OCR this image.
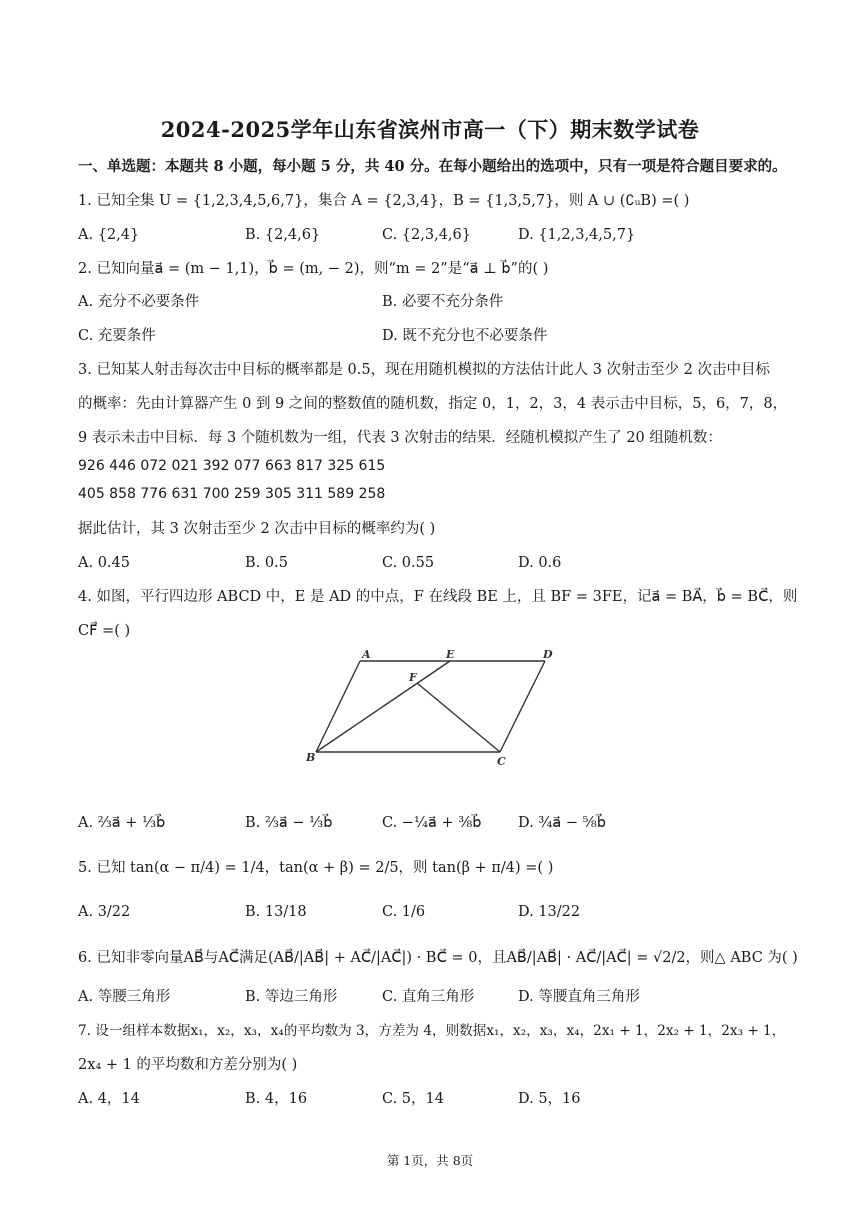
2024-2025学年山东省滨州市高一（下）期末数学试卷
一、单选题：本题共 8 小题，每小题 5 分，共 40 分。在每小题给出的选项中，只有一项是符合题目要求的。
1. 已知全集 U = {1,2,3,4,5,6,7}，集合 A = {2,3,4}，B = {1,3,5,7}，则 A ∪ (∁ᵤB) =( )
A. {2,4}	B. {2,4,6}	C. {2,3,4,6}	D. {1,2,3,4,5,7}
2. 已知向量a⃗ = (m − 1,1)，b⃗ = (m, − 2)，则“m = 2”是“a⃗ ⊥ b⃗”的( )
A. 充分不必要条件	B. 必要不充分条件
C. 充要条件	D. 既不充分也不必要条件
3. 已知某人射击每次击中目标的概率都是 0.5，现在用随机模拟的方法估计此人 3 次射击至少 2 次击中目标
的概率：先由计算器产生 0 到 9 之间的整数值的随机数，指定 0，1，2，3，4 表示击中目标，5，6，7，8，
9 表示未击中目标．每 3 个随机数为一组，代表 3 次射击的结果．经随机模拟产生了 20 组随机数：
926 446 072 021 392 077 663 817 325 615
405 858 776 631 700 259 305 311 589 258
据此估计，其 3 次射击至少 2 次击中目标的概率约为( )
A. 0.45	B. 0.5	C. 0.55	D. 0.6
4. 如图，平行四边形 ABCD 中，E 是 AD 的中点，F 在线段 BE 上，且 BF = 3FE，记a⃗ = BA⃗，b⃗ = BC⃗，则
CF⃗ =( )
A	E	D
F
B	C
A. ⅔a⃗ + ⅓b⃗	B. ⅔a⃗ − ⅓b⃗	C. −¼a⃗ + ⅜b⃗	D. ¾a⃗ − ⅝b⃗
5. 已知 tan(α − π/4) = 1/4，tan(α + β) = 2/5，则 tan(β + π/4) =( )
A. 3/22	B. 13/18	C. 1/6	D. 13/22
6. 已知非零向量AB⃗与AC⃗满足(AB⃗/|AB⃗| + AC⃗/|AC⃗|) · BC⃗ = 0，且AB⃗/|AB⃗| · AC⃗/|AC⃗| = √2/2，则△ ABC 为( )
A. 等腰三角形	B. 等边三角形	C. 直角三角形	D. 等腰直角三角形
7. 设一组样本数据x₁，x₂，x₃，x₄的平均数为 3，方差为 4，则数据x₁，x₂，x₃，x₄，2x₁ + 1，2x₂ + 1，2x₃ + 1，
2x₄ + 1 的平均数和方差分别为( )
A. 4，14	B. 4，16	C. 5，14	D. 5，16
第 1页，共 8页
